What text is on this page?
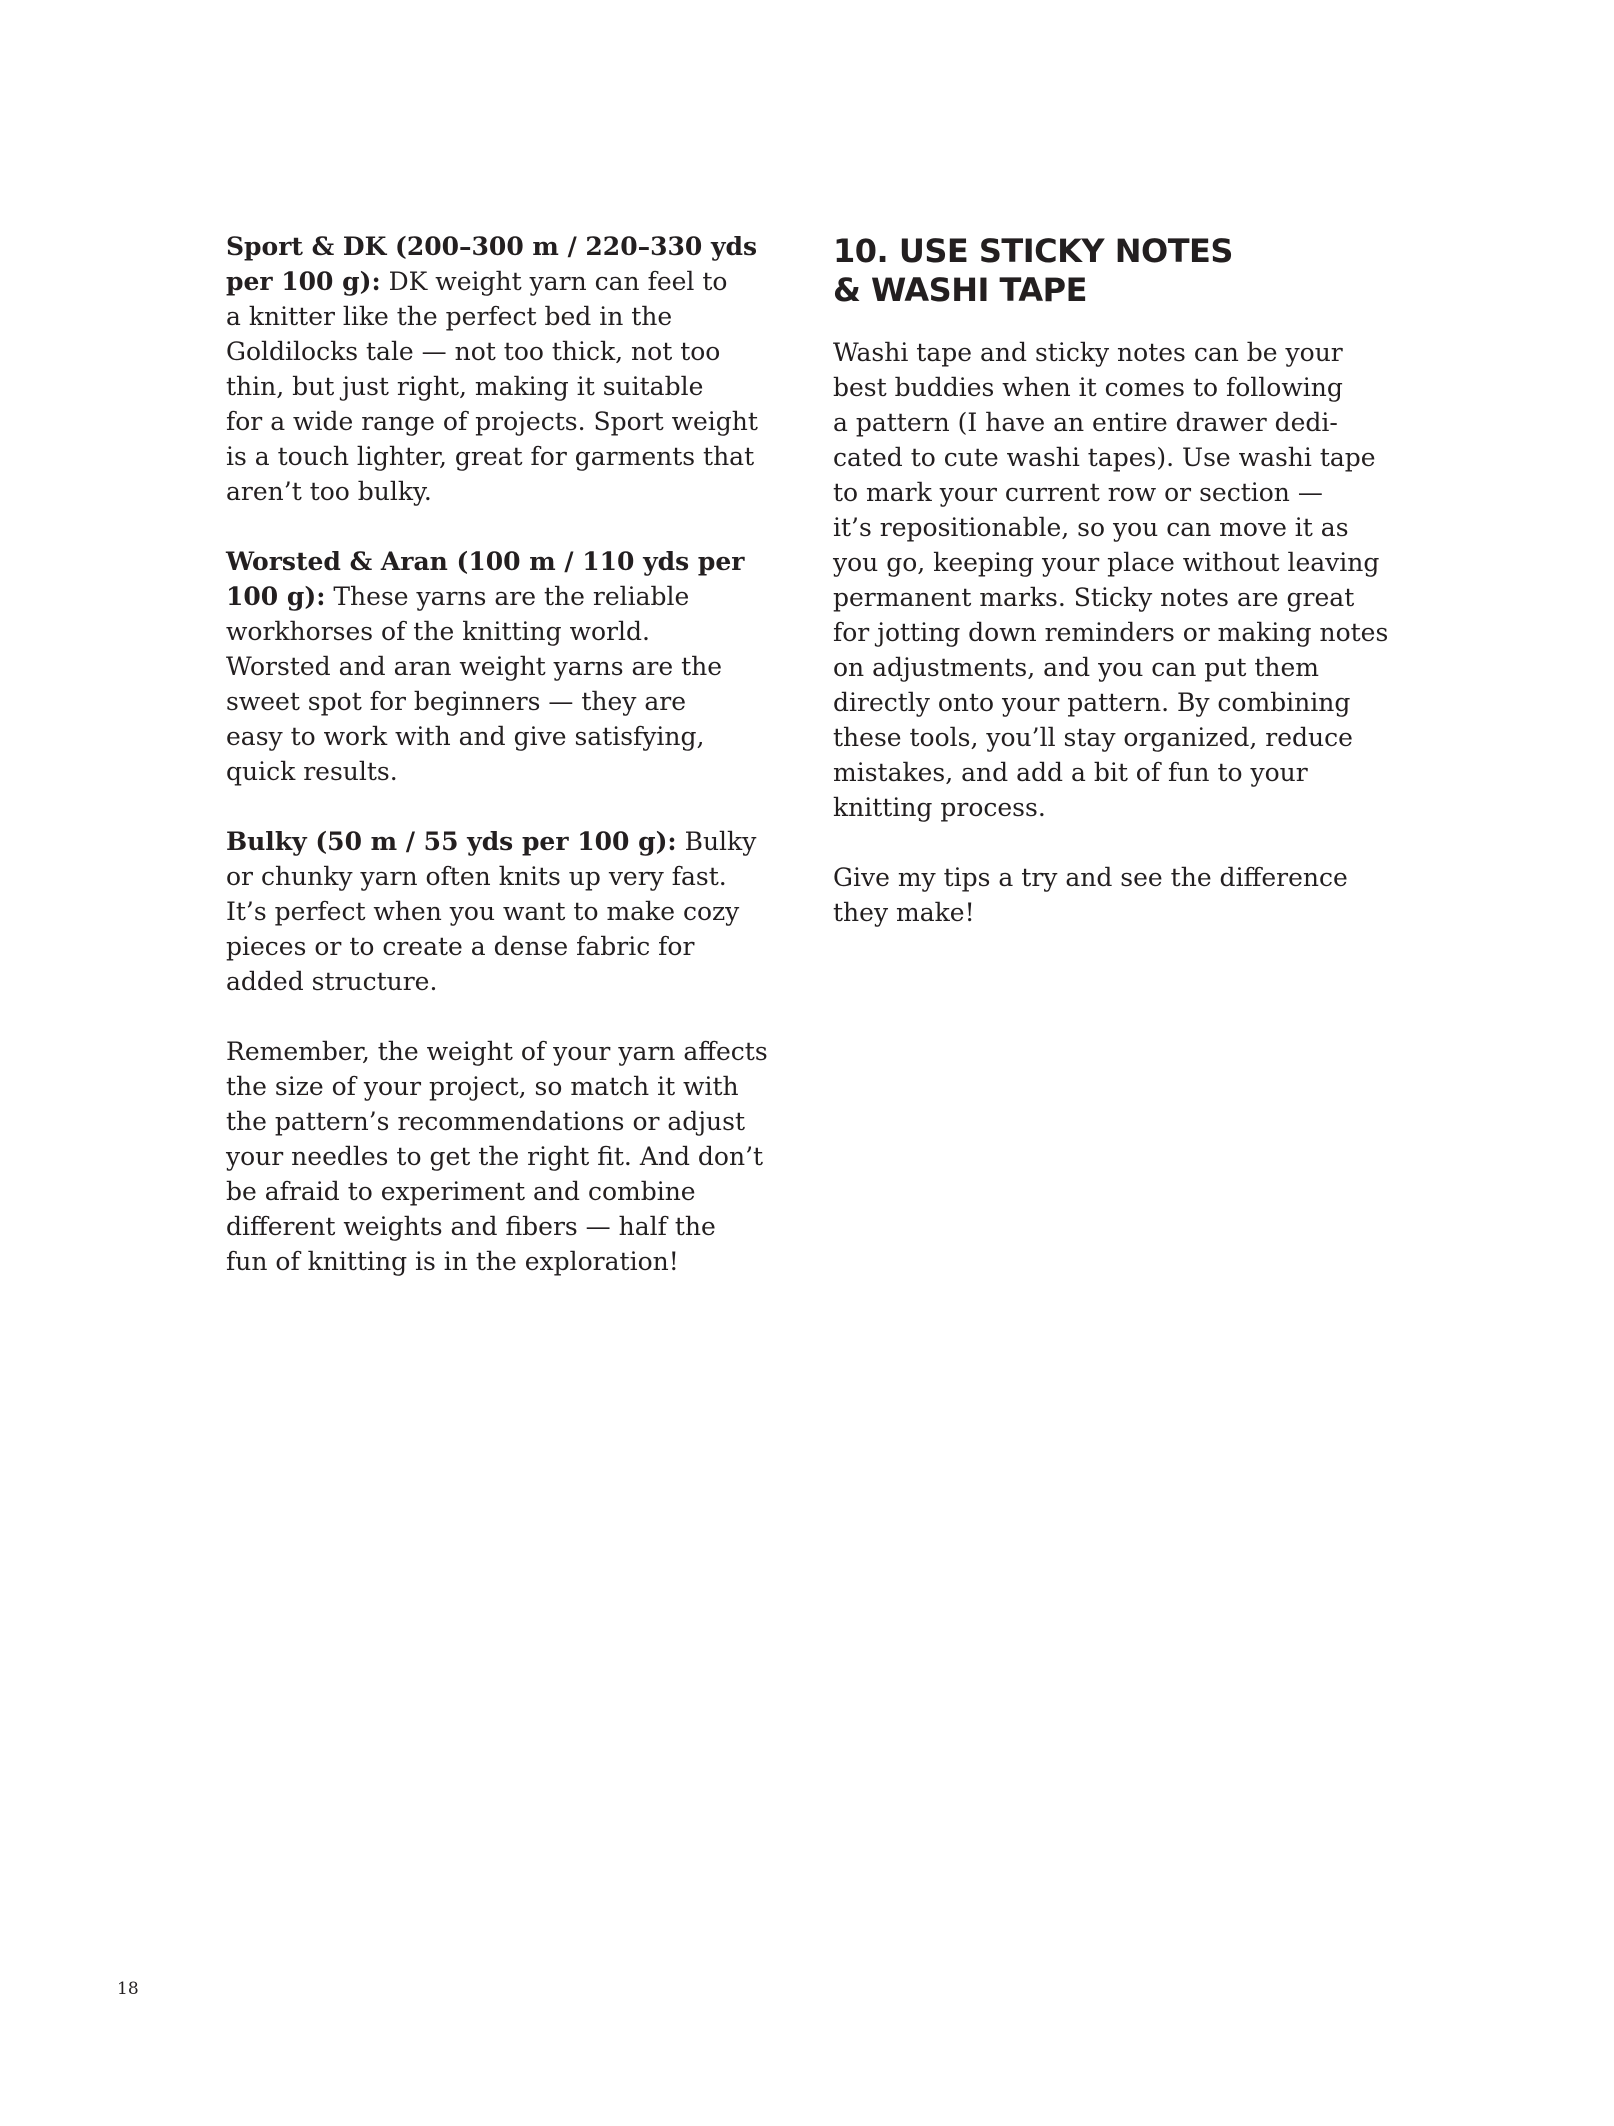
Sport & DK (200–300 m / 220–330 yds
per 100 g): DK weight yarn can feel to
a knitter like the perfect bed in the
Goldilocks tale — not too thick, not too
thin, but just right, making it suitable
for a wide range of projects. Sport weight
is a touch lighter, great for garments that
aren’t too bulky.
Worsted & Aran (100 m / 110 yds per
100 g): These yarns are the reliable
workhorses of the knitting world.
Worsted and aran weight yarns are the
sweet spot for beginners — they are
easy to work with and give satisfying,
quick results.
Bulky (50 m / 55 yds per 100 g): Bulky
or chunky yarn often knits up very fast.
It’s perfect when you want to make cozy
pieces or to create a dense fabric for
added structure.
Remember, the weight of your yarn affects
the size of your project, so match it with
the pattern’s recommendations or adjust
your needles to get the right fit. And don’t
be afraid to experiment and combine
different weights and fibers — half the
fun of knitting is in the exploration!
10. USE STICKY NOTES
& WASHI TAPE
Washi tape and sticky notes can be your
best buddies when it comes to following
a pattern (I have an entire drawer dedi-
cated to cute washi tapes). Use washi tape
to mark your current row or section —
it’s repositionable, so you can move it as
you go, keeping your place without leaving
permanent marks. Sticky notes are great
for jotting down reminders or making notes
on adjustments, and you can put them
directly onto your pattern. By combining
these tools, you’ll stay organized, reduce
mistakes, and add a bit of fun to your
knitting process.
Give my tips a try and see the difference
they make!
18
